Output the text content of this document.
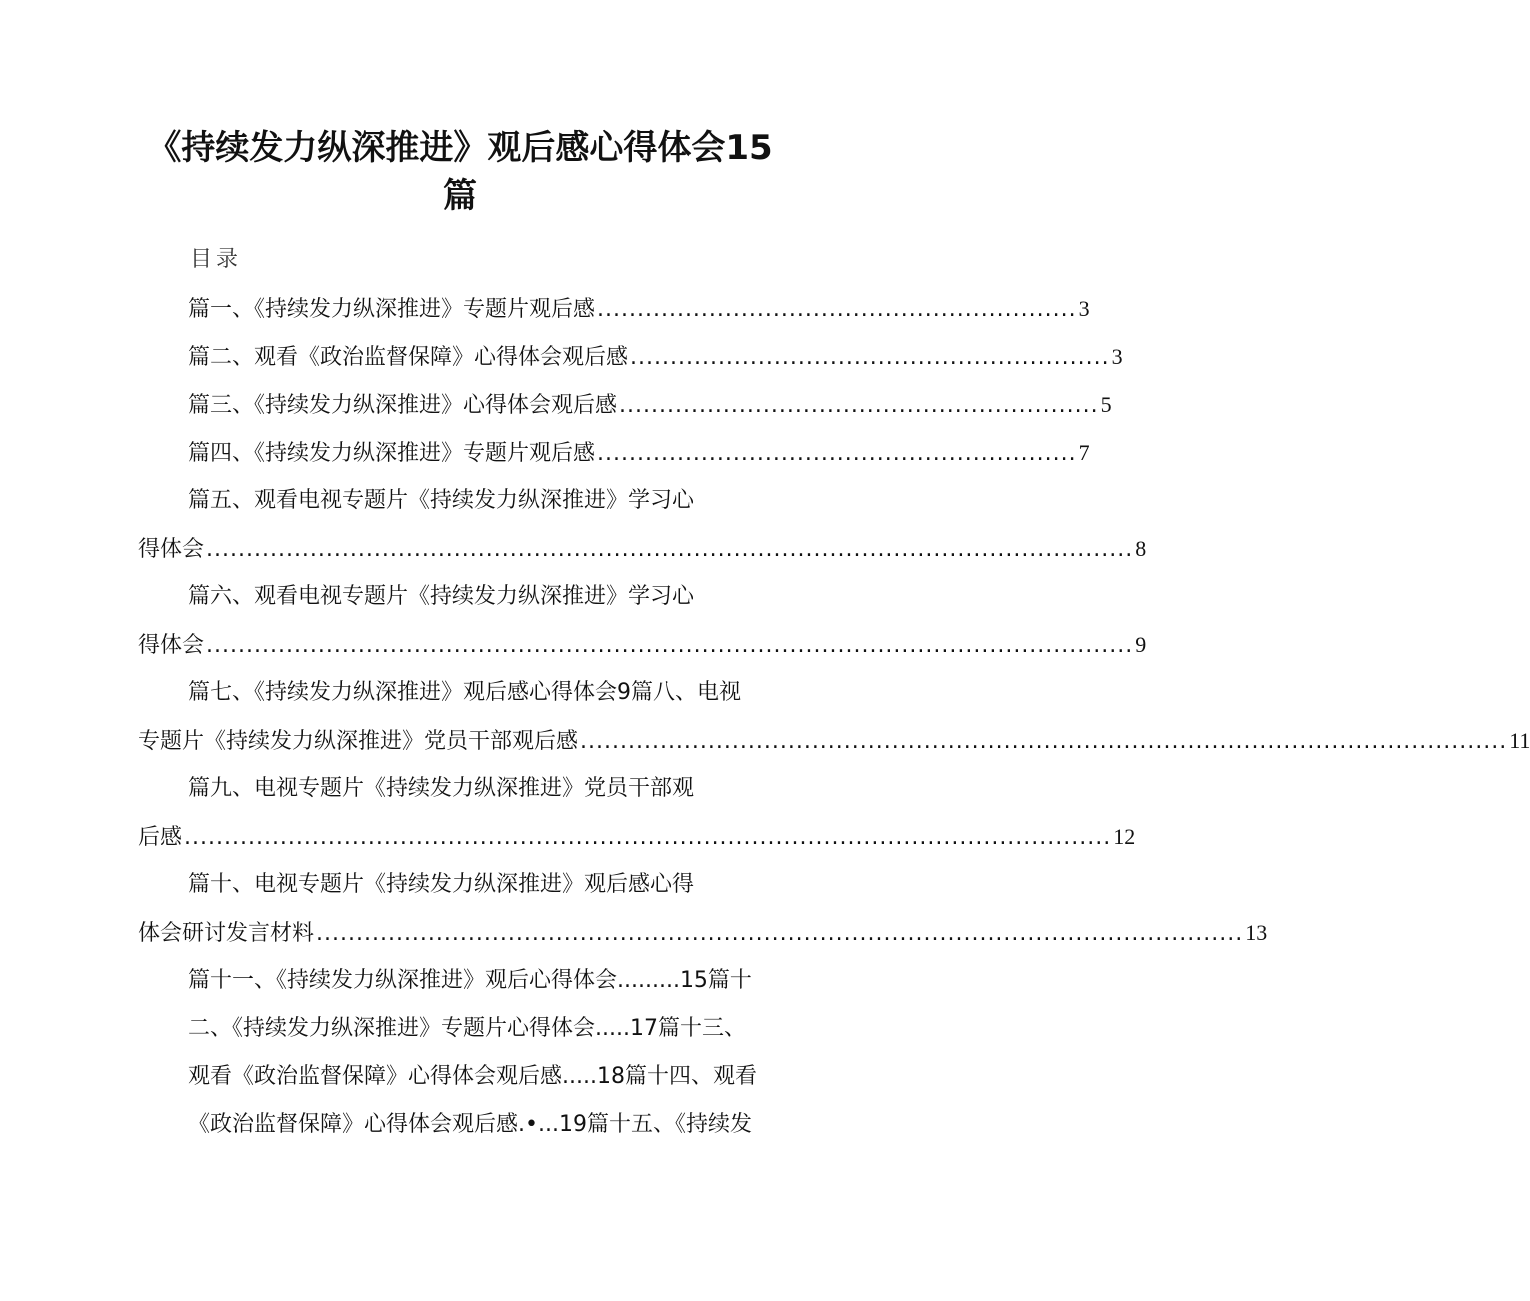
《持续发力纵深推进》观后感心得体会15
篇
目录
篇一、《持续发力纵深推进》专题片观后感 ............................................................ 3
篇二、观看《政治监督保障》心得体会观后感 ............................................................ 3
篇三、《持续发力纵深推进》心得体会观后感 ............................................................ 5
篇四、《持续发力纵深推进》专题片观后感 ............................................................ 7
篇五、观看电视专题片《持续发力纵深推进》学习心
得体会 .................................................................................................................... 8
篇六、观看电视专题片《持续发力纵深推进》学习心
得体会 .................................................................................................................... 9
篇七、《持续发力纵深推进》观后感心得体会9篇八、电视
专题片《持续发力纵深推进》党员干部观后感 .................................................................................................................... 11
篇九、电视专题片《持续发力纵深推进》党员干部观
后感 .................................................................................................................... 12
篇十、电视专题片《持续发力纵深推进》观后感心得
体会研讨发言材料 .................................................................................................................... 13
篇十一、《持续发力纵深推进》观后心得体会.........15篇十
二、《持续发力纵深推进》专题片心得体会.....17篇十三、
观看《政治监督保障》心得体会观后感.....18篇十四、观看
《政治监督保障》心得体会观后感.•...19篇十五、《持续发
